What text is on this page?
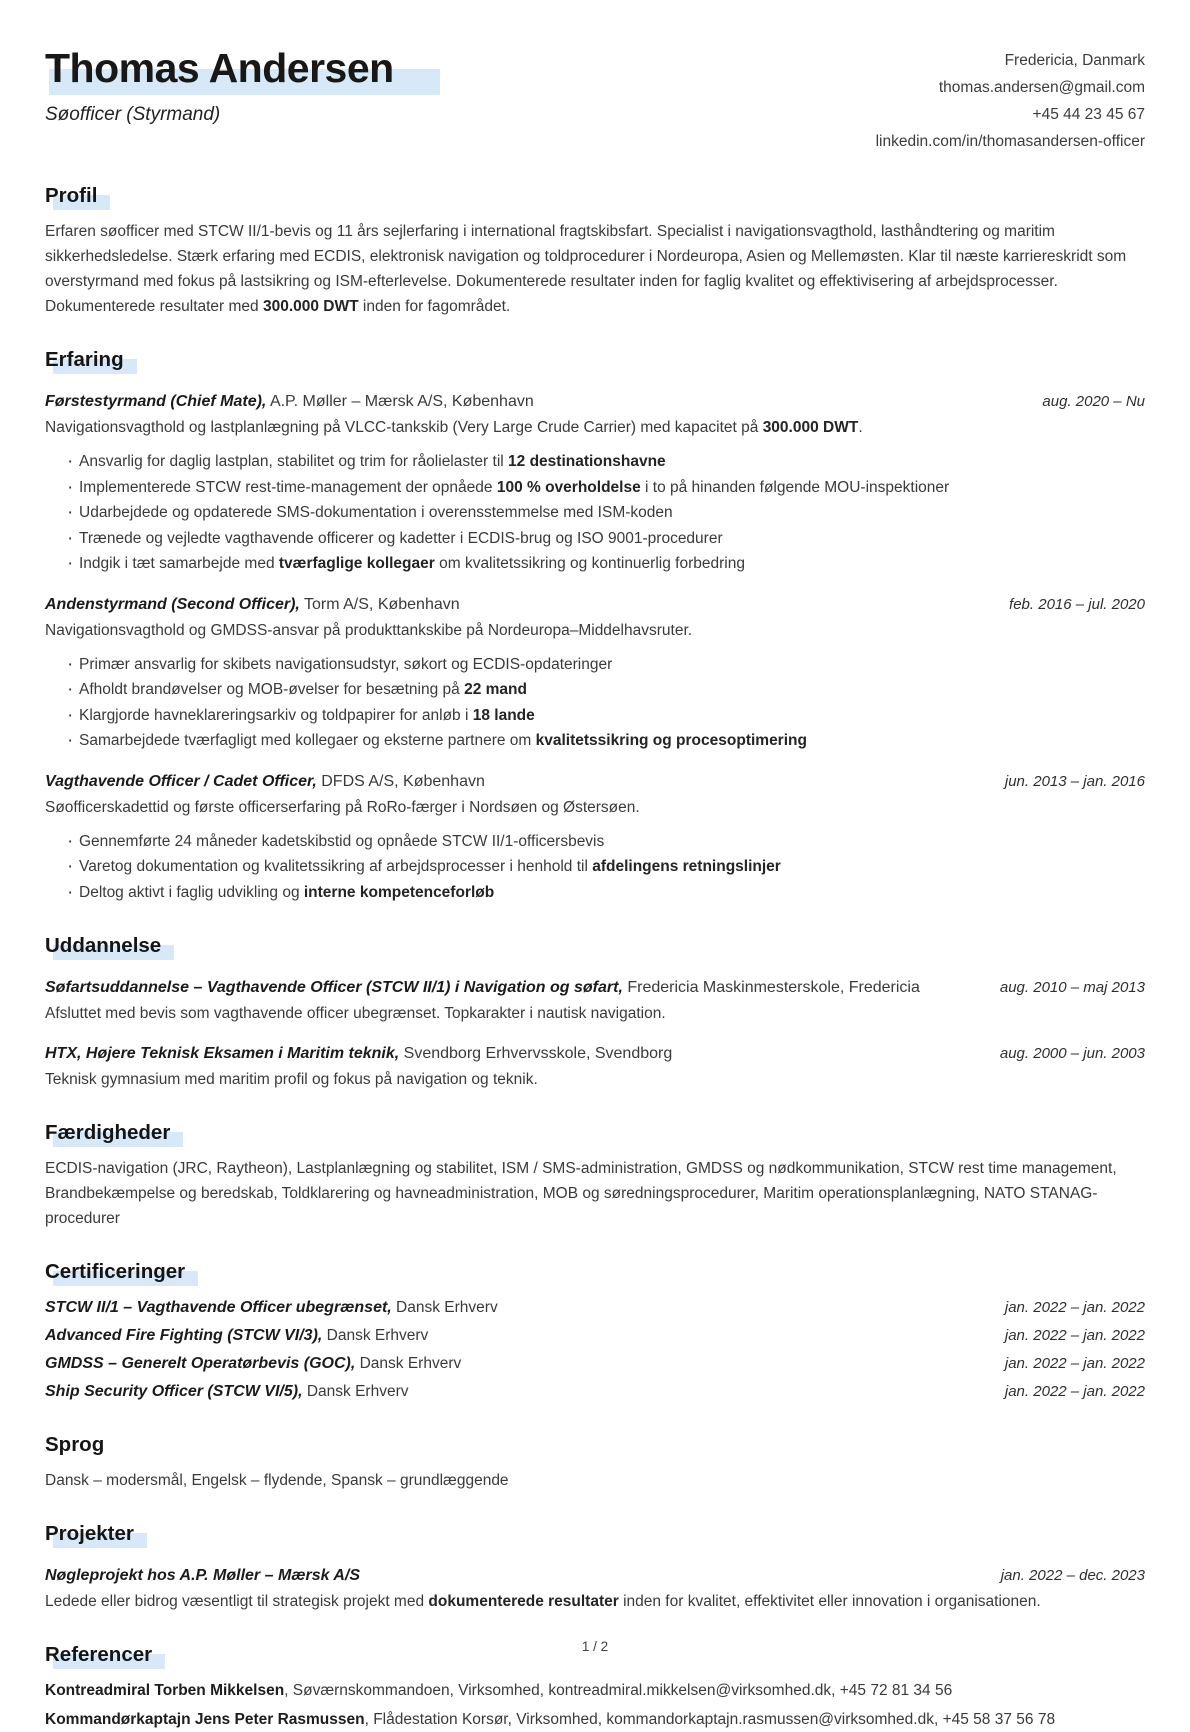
Thomas Andersen
Søofficer (Styrmand)
Fredericia, Danmark
thomas.andersen@gmail.com
+45 44 23 45 67
linkedin.com/in/thomasandersen-officer
Profil

Erfaren søofficer med STCW II/1-bevis og 11 års sejlerfaring i international fragtskibsfart. Specialist i navigationsvagthold, lasthåndtering og maritim sikkerhedsledelse. Stærk erfaring med ECDIS, elektronisk navigation og toldprocedurer i Nordeuropa, Asien og Mellemøsten. Klar til næste karriereskridt som overstyrmand med fokus på lastsikring og ISM-efterlevelse. Dokumenterede resultater inden for faglig kvalitet og effektivisering af arbejdsprocesser. Dokumenterede resultater med 300.000 DWT inden for fagområdet.

Erfaring
Førstestyrmand (Chief Mate), A.P. Møller – Mærsk A/S, København	aug. 2020 – Nu
Navigationsvagthold og lastplanlægning på VLCC-tankskib (Very Large Crude Carrier) med kapacitet på 300.000 DWT.
· Ansvarlig for daglig lastplan, stabilitet og trim for råolielaster til 12 destinationshavne
· Implementerede STCW rest-time-management der opnåede 100 % overholdelse i to på hinanden følgende MOU-inspektioner
· Udarbejdede og opdaterede SMS-dokumentation i overensstemmelse med ISM-koden
· Trænede og vejledte vagthavende officerer og kadetter i ECDIS-brug og ISO 9001-procedurer
· Indgik i tæt samarbejde med tværfaglige kollegaer om kvalitetssikring og kontinuerlig forbedring
Andenstyrmand (Second Officer), Torm A/S, København	feb. 2016 – jul. 2020
Navigationsvagthold og GMDSS-ansvar på produkttankskibe på Nordeuropa–Middelhavsruter.
· Primær ansvarlig for skibets navigationsudstyr, søkort og ECDIS-opdateringer
· Afholdt brandøvelser og MOB-øvelser for besætning på 22 mand
· Klargjorde havneklareringsarkiv og toldpapirer for anløb i 18 lande
· Samarbejdede tværfagligt med kollegaer og eksterne partnere om kvalitetssikring og procesoptimering
Vagthavende Officer / Cadet Officer, DFDS A/S, København	jun. 2013 – jan. 2016
Søofficerskadettid og første officerserfaring på RoRo-færger i Nordsøen og Østersøen.
· Gennemførte 24 måneder kadetskibstid og opnåede STCW II/1-officersbevis
· Varetog dokumentation og kvalitetssikring af arbejdsprocesser i henhold til afdelingens retningslinjer
· Deltog aktivt i faglig udvikling og interne kompetenceforløb
Uddannelse
Søfartsuddannelse – Vagthavende Officer (STCW II/1) i Navigation og søfart, Fredericia Maskinmesterskole, Fredericia	aug. 2010 – maj 2013
Afsluttet med bevis som vagthavende officer ubegrænset. Topkarakter i nautisk navigation.
HTX, Højere Teknisk Eksamen i Maritim teknik, Svendborg Erhvervsskole, Svendborg	aug. 2000 – jun. 2003
Teknisk gymnasium med maritim profil og fokus på navigation og teknik.
Færdigheder

ECDIS-navigation (JRC, Raytheon), Lastplanlægning og stabilitet, ISM / SMS-administration, GMDSS og nødkommunikation, STCW rest time management, Brandbekæmpelse og beredskab, Toldklarering og havneadministration, MOB og søredningsprocedurer, Maritim operationsplanlægning, NATO STANAG-procedurer

Certificeringer
STCW II/1 – Vagthavende Officer ubegrænset, Dansk Erhverv	jan. 2022 – jan. 2022
Advanced Fire Fighting (STCW VI/3), Dansk Erhverv	jan. 2022 – jan. 2022
GMDSS – Generelt Operatørbevis (GOC), Dansk Erhverv	jan. 2022 – jan. 2022
Ship Security Officer (STCW VI/5), Dansk Erhverv	jan. 2022 – jan. 2022
Sprog

Dansk – modersmål, Engelsk – flydende, Spansk – grundlæggende

Projekter
Nøgleprojekt hos A.P. Møller – Mærsk A/S	jan. 2022 – dec. 2023
Ledede eller bidrog væsentligt til strategisk projekt med dokumenterede resultater inden for kvalitet, effektivitet eller innovation i organisationen.
Referencer
Kontreadmiral Torben Mikkelsen, Søværnskommandoen, Virksomhed, kontreadmiral.mikkelsen@virksomhed.dk, +45 72 81 34 56
Kommandørkaptajn Jens Peter Rasmussen, Flådestation Korsør, Virksomhed, kommandorkaptajn.rasmussen@virksomhed.dk, +45 58 37 56 78
1 / 2
